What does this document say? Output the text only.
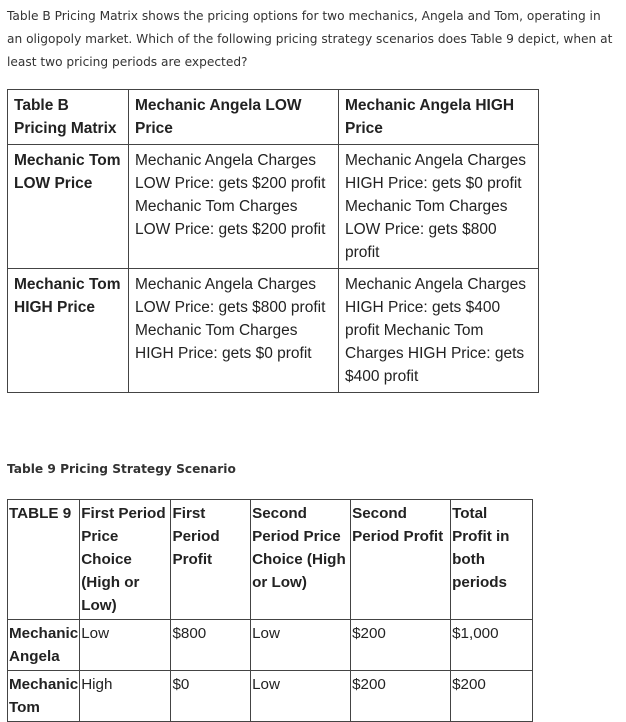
Table B Pricing Matrix shows the pricing options for two mechanics, Angela and Tom, operating in an oligopoly market. Which of the following pricing strategy scenarios does Table 9 depict, when at least two pricing periods are expected?
Table B Pricing Matrix	Mechanic Angela LOW Price	Mechanic Angela HIGH Price
Mechanic Tom LOW Price	Mechanic Angela Charges LOW Price: gets $200 profit Mechanic Tom Charges LOW Price: gets $200 profit	Mechanic Angela Charges HIGH Price: gets $0 profit Mechanic Tom Charges LOW Price: gets $800 profit
Mechanic Tom HIGH Price	Mechanic Angela Charges LOW Price: gets $800 profit Mechanic Tom Charges HIGH Price: gets $0 profit	Mechanic Angela Charges HIGH Price: gets $400 profit Mechanic Tom Charges HIGH Price: gets $400 profit
Table 9 Pricing Strategy Scenario
TABLE 9	First Period Price Choice (High or Low)	First Period Profit	Second Period Price Choice (High or Low)	Second Period Profit	Total Profit in both periods
Mechanic Angela	Low	$800	Low	$200	$1,000
Mechanic Tom	High	$0	Low	$200	$200
